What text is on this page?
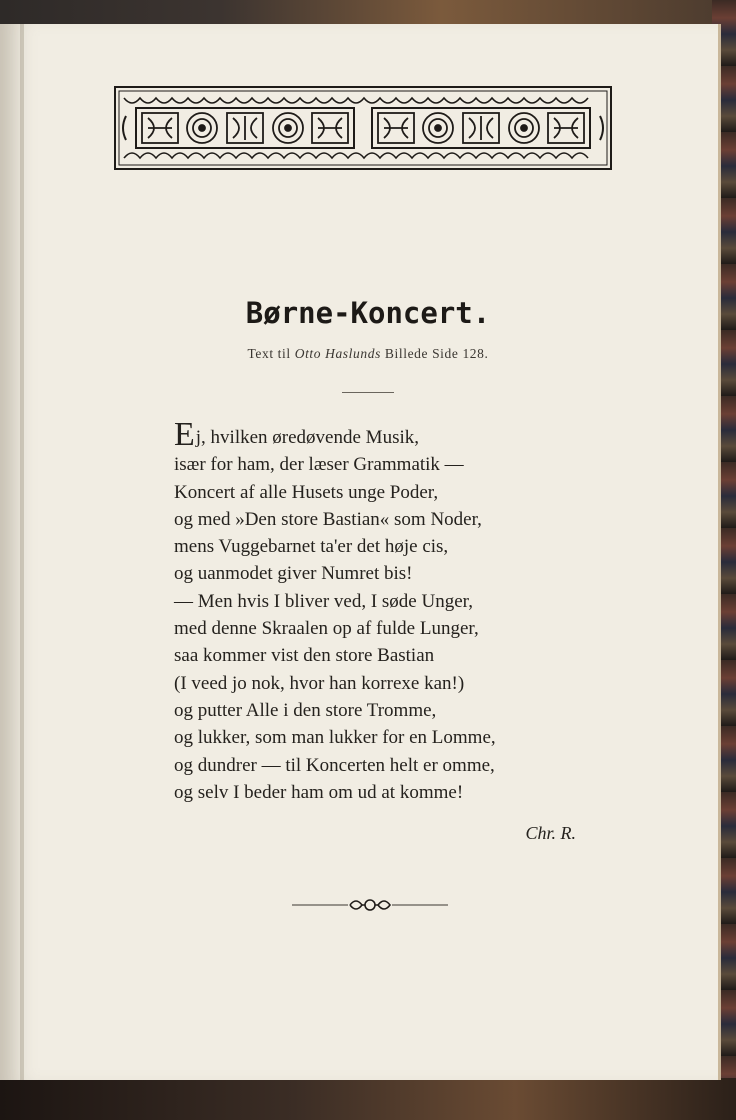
Børne-Koncert.
Text til Otto Haslunds Billede Side 128.
Ej, hvilken øredøvende Musik,
især for ham, der læser Grammatik —
Koncert af alle Husets unge Poder,
og med »Den store Bastian« som Noder,
mens Vuggebarnet ta'er det høje cis,
og uanmodet giver Numret bis!
— Men hvis I bliver ved, I søde Unger,
med denne Skraalen op af fulde Lunger,
saa kommer vist den store Bastian
(I veed jo nok, hvor han korrexe kan!)
og putter Alle i den store Tromme,
og lukker, som man lukker for en Lomme,
og dundrer — til Koncerten helt er omme,
og selv I beder ham om ud at komme!
Chr. R.
